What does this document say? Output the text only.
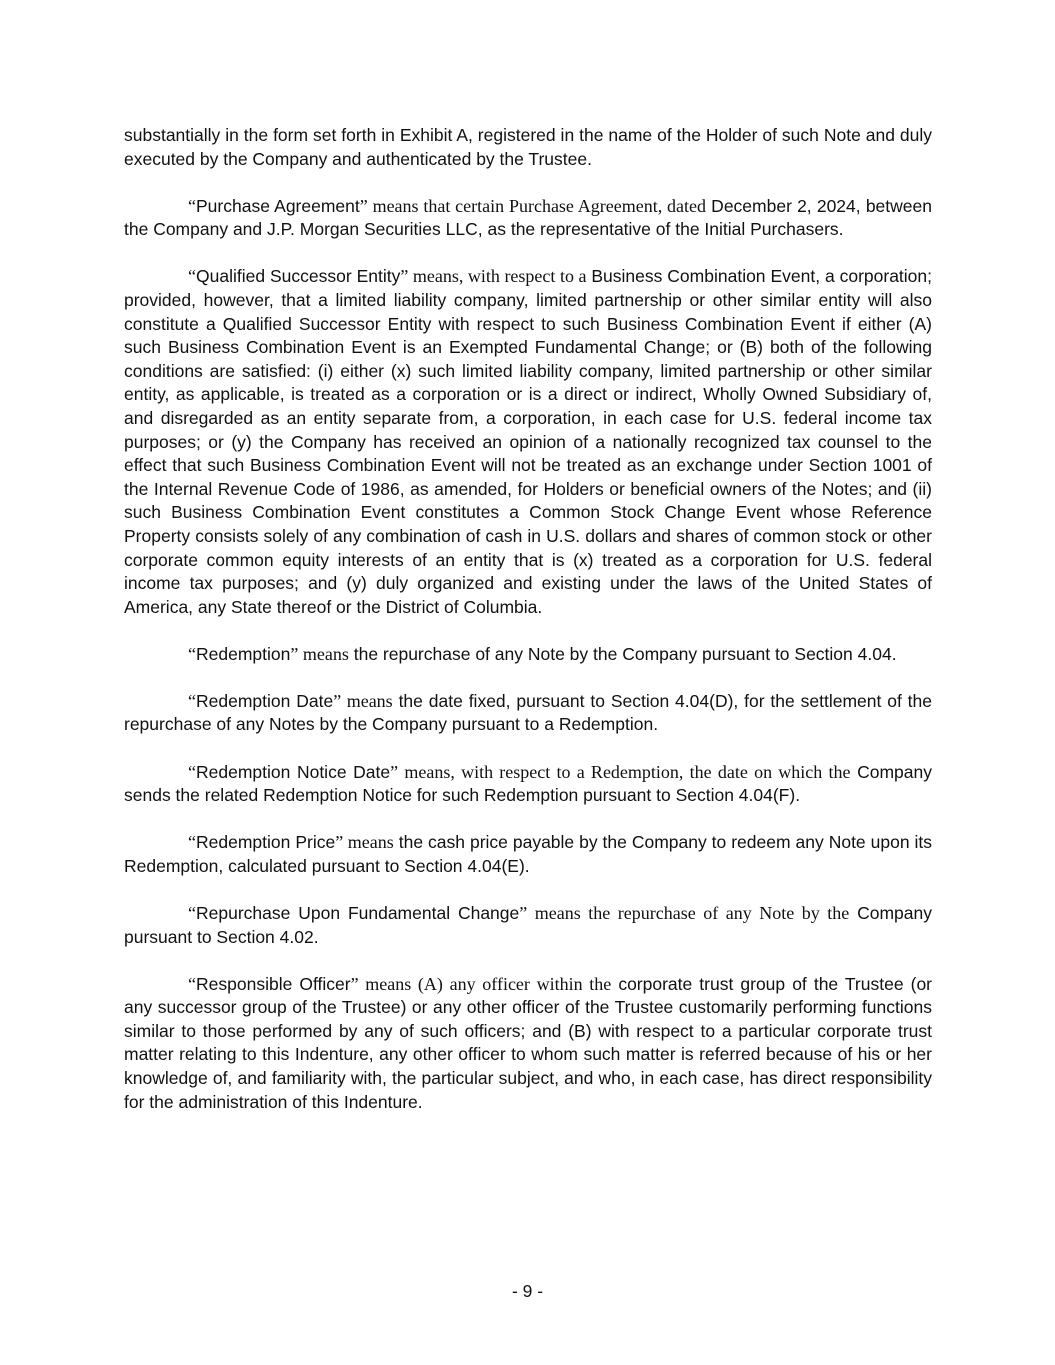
substantially in the form set forth in Exhibit A, registered in the name of the Holder of such Note and duly executed by the Company and authenticated by the Trustee.

“Purchase Agreement” means that certain Purchase Agreement, dated December 2, 2024, between the Company and J.P. Morgan Securities LLC, as the representative of the Initial Purchasers.

“Qualified Successor Entity” means, with respect to a Business Combination Event, a corporation; provided, however, that a limited liability company, limited partnership or other similar entity will also constitute a Qualified Successor Entity with respect to such Business Combination Event if either (A) such Business Combination Event is an Exempted Fundamental Change; or (B) both of the following conditions are satisfied: (i) either (x) such limited liability company, limited partnership or other similar entity, as applicable, is treated as a corporation or is a direct or indirect, Wholly Owned Subsidiary of, and disregarded as an entity separate from, a corporation, in each case for U.S. federal income tax purposes; or (y) the Company has received an opinion of a nationally recognized tax counsel to the effect that such Business Combination Event will not be treated as an exchange under Section 1001 of the Internal Revenue Code of 1986, as amended, for Holders or beneficial owners of the Notes; and (ii) such Business Combination Event constitutes a Common Stock Change Event whose Reference Property consists solely of any combination of cash in U.S. dollars and shares of common stock or other corporate common equity interests of an entity that is (x) treated as a corporation for U.S. federal income tax purposes; and (y) duly organized and existing under the laws of the United States of America, any State thereof or the District of Columbia.

“Redemption” means the repurchase of any Note by the Company pursuant to Section 4.04.

“Redemption Date” means the date fixed, pursuant to Section 4.04(D), for the settlement of the repurchase of any Notes by the Company pursuant to a Redemption.

“Redemption Notice Date” means, with respect to a Redemption, the date on which the Company sends the related Redemption Notice for such Redemption pursuant to Section 4.04(F).

“Redemption Price” means the cash price payable by the Company to redeem any Note upon its Redemption, calculated pursuant to Section 4.04(E).

“Repurchase Upon Fundamental Change” means the repurchase of any Note by the Company pursuant to Section 4.02.

“Responsible Officer” means (A) any officer within the corporate trust group of the Trustee (or any successor group of the Trustee) or any other officer of the Trustee customarily performing functions similar to those performed by any of such officers; and (B) with respect to a particular corporate trust matter relating to this Indenture, any other officer to whom such matter is referred because of his or her knowledge of, and familiarity with, the particular subject, and who, in each case, has direct responsibility for the administration of this Indenture.

- 9 -
